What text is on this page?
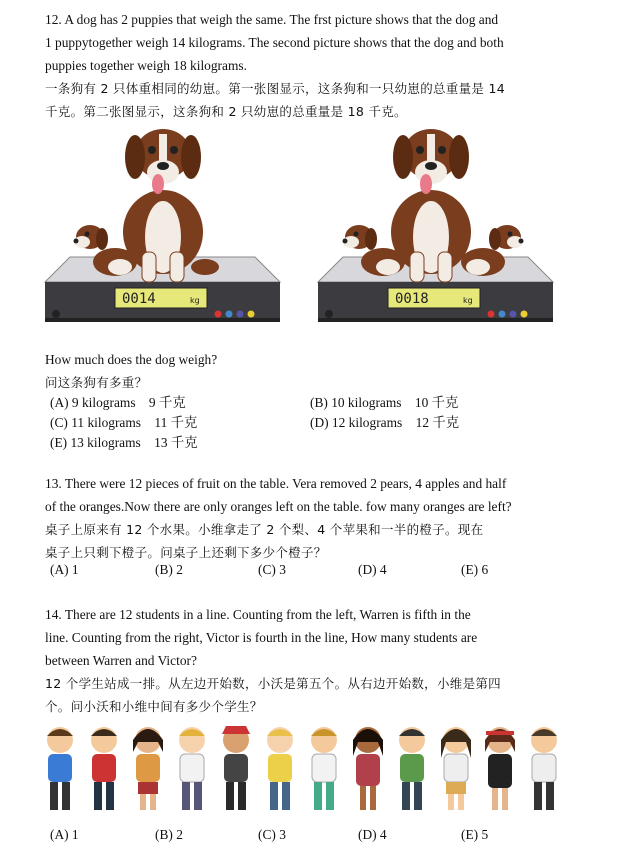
12. A dog has 2 puppies that weigh the same. The frst picture shows that the dog and

1 puppytogether weigh 14 kilograms. The second picture shows that the dog and both

puppies together weigh 18 kilograms.

一条狗有 2 只体重相同的幼崽。第一张图显示，这条狗和一只幼崽的总重量是 14

千克。第二张图显示，这条狗和 2 只幼崽的总重量是 18 千克。

0014	kg	0018	kg

How much does the dog weigh?

问这条狗有多重？

(A) 9 kilograms    9 千克	(B) 10 kilograms    10 千克
(C) 11 kilograms    11 千克	(D) 12 kilograms    12 千克
(E) 13 kilograms    13 千克

13. There were 12 pieces of fruit on the table. Vera removed 2 pears, 4 apples and half

of the oranges.Now there are only oranges left on the table. fow many oranges are left?

桌子上原来有 12 个水果。小维拿走了 2 个梨、4 个苹果和一半的橙子。现在

桌子上只剩下橙子。问桌子上还剩下多少个橙子？

(A) 1	(B) 2	(C) 3	(D) 4	(E) 6

14. There are 12 students in a line. Counting from the left, Warren is fifth in the

line. Counting from the right, Victor is fourth in the line, How many students are

between Warren and Victor?

12 个学生站成一排。从左边开始数，小沃是第五个。从右边开始数，小维是第四

个。问小沃和小维中间有多少个学生？

(A) 1	(B) 2	(C) 3	(D) 4	(E) 5
